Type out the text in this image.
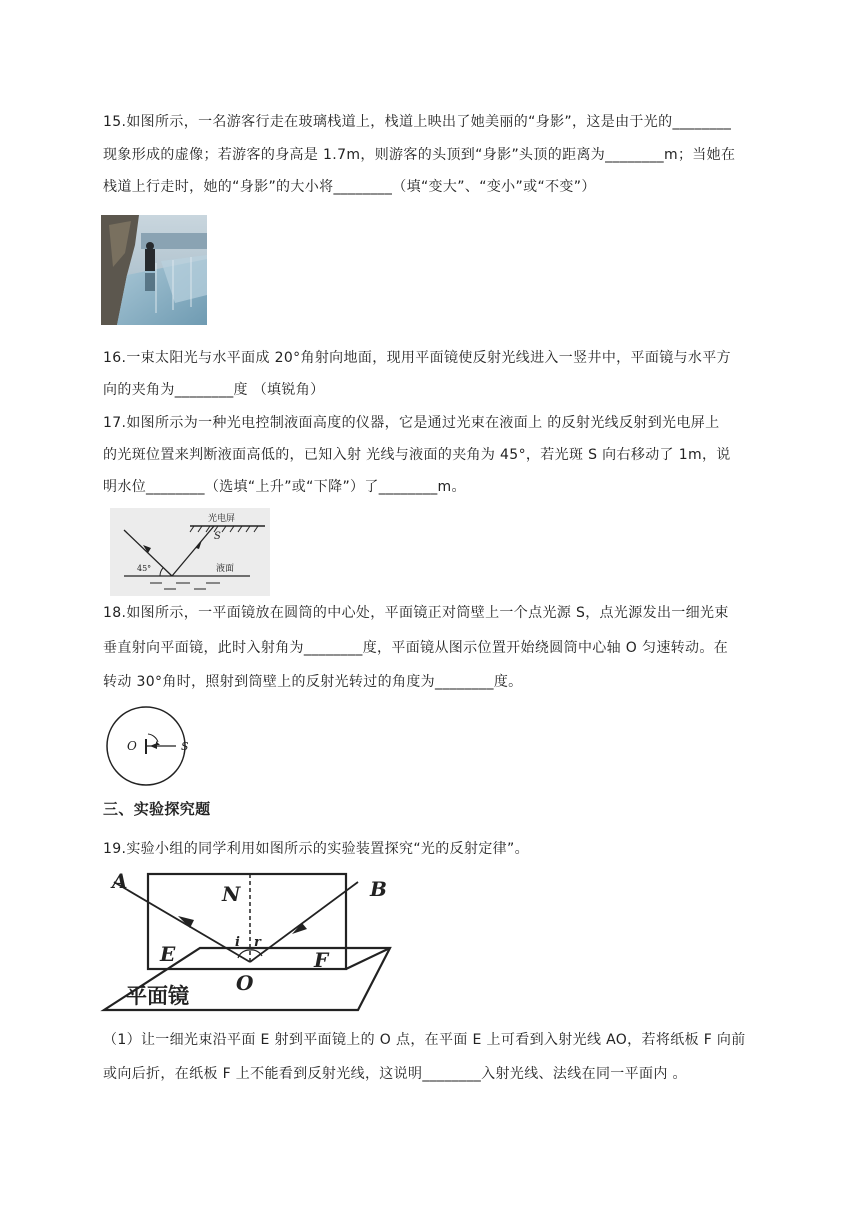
15.如图所示，一名游客行走在玻璃栈道上，栈道上映出了她美丽的“身影”，这是由于光的________
现象形成的虚像；若游客的身高是 1.7m，则游客的头顶到“身影”头顶的距离为________m；当她在
栈道上行走时，她的“身影”的大小将________（填“变大”、“变小”或“不变”）
16.一束太阳光与水平面成 20°角射向地面，现用平面镜使反射光线进入一竖井中，平面镜与水平方
向的夹角为________度 （填锐角）
17.如图所示为一种光电控制液面高度的仪器，它是通过光束在液面上 的反射光线反射到光电屏上
的光斑位置来判断液面高低的，已知入射 光线与液面的夹角为 45°，若光斑 S 向右移动了 1m，说
明水位________（选填“上升”或“下降”）了________m。
光电屏
45°
S
液面
18.如图所示，一平面镜放在圆筒的中心处，平面镜正对筒壁上一个点光源 S，点光源发出一细光束
垂直射向平面镜，此时入射角为________度，平面镜从图示位置开始绕圆筒中心轴 O 匀速转动。在
转动 30°角时，照射到筒壁上的反射光转过的角度为________度。
O	S
三、实验探究题
19.实验小组的同学利用如图所示的实验装置探究“光的反射定律”。
A	B
N
E	F
O
i r
平面镜
（1）让一细光束沿平面 E 射到平面镜上的 O 点，在平面 E 上可看到入射光线 AO，若将纸板 F 向前
或向后折，在纸板 F 上不能看到反射光线，这说明________入射光线、法线在同一平面内 。
